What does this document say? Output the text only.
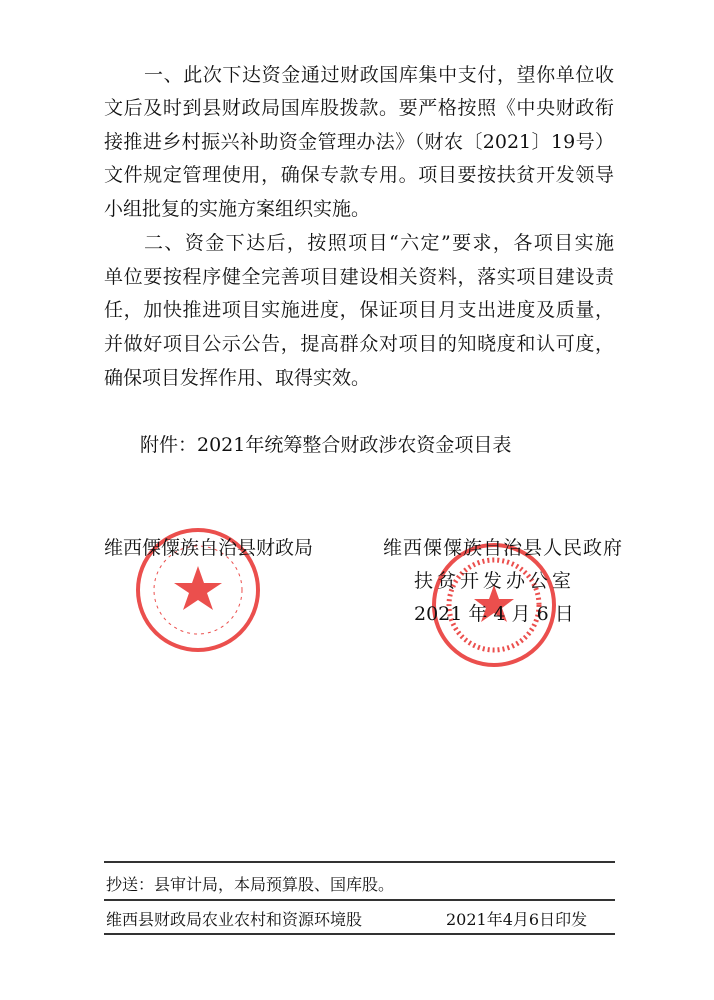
一、此次下达资金通过财政国库集中支付，望你单位收
文后及时到县财政局国库股拨款。要严格按照《中央财政衔
接推进乡村振兴补助资金管理办法》（财农〔2021〕19号）
文件规定管理使用，确保专款专用。项目要按扶贫开发领导
小组批复的实施方案组织实施。
二、资金下达后，按照项目“六定”要求，各项目实施
单位要按程序健全完善项目建设相关资料，落实项目建设责
任，加快推进项目实施进度，保证项目月支出进度及质量，
并做好项目公示公告，提高群众对项目的知晓度和认可度，
确保项目发挥作用、取得实效。
附件：2021年统筹整合财政涉农资金项目表
维西傈僳族自治县财政局	维西傈僳族自治县人民政府
扶贫开发办公室
2021 年 4 月 6 日
抄送：县审计局，本局预算股、国库股。
维西县财政局农业农村和资源环境股	2021年4月6日印发
